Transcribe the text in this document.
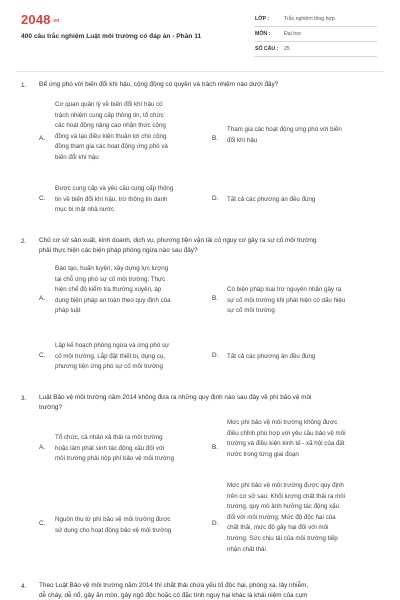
2048.vn
400 câu trắc nghiệm Luật môi trường có đáp án - Phần 11
LỚP :	Trắc nghiệm tổng hợp
MÔN :	Đại học
SỐ CÂU : 25
1. Để ứng phó với biến đổi khí hậu, cộng đồng có quyền và trách nhiệm nào dưới đây?
A.
Cơ quan quản lý về biến đổi khí hậu có
trách nhiệm cung cấp thông tin, tổ chức
các hoạt động nâng cao nhận thức cộng
đồng và tạo điều kiện thuận lợi cho cộng
đồng tham gia các hoạt động ứng phó và
biến đổi khí hậu
B.
Tham gia các hoạt động ứng phó với biến
đổi khí hậu
C.
Được cung cấp và yêu cầu cung cấp thông
tin về biến đổi khí hậu, trừ thông tin danh
mục bí mật nhà nước
D. Tất cả các phương án đều đúng
2. Chủ cơ sở sản xuất, kinh doanh, dịch vụ, phương tiện vận tải có nguy cơ gây ra sự cố môi trường
phải thực hiện các biện pháp phòng ngừa nào sau đây?
A.
Đào tạo, huấn luyện, xây dựng lực lượng
tại chỗ ứng phó sự cố môi trường; Thực
hiện chế độ kiểm tra thường xuyên, áp
dụng biện pháp an toàn theo quy định của
pháp luật
B.
Có biện pháp loại trừ nguyên nhân gây ra
sự cố môi trường khi phát hiện có dấu hiệu
sự cố môi trường
C.
Lập kế hoạch phòng ngừa và ứng phó sự
cố môi trường; Lắp đặt thiết bị, dụng cụ,
phương tiện ứng phó sự cố môi trường
D. Tất cả các phương án đều đúng
3. Luật Bảo vệ môi trường năm 2014 không đưa ra những quy định nào sau đây về phí bảo vệ môi
trường?
A.
Tổ chức, cá nhân xả thải ra môi trường
hoặc làm phát sinh tác động xấu đối với
môi trường phải nộp phí bảo vệ môi trường
B.
Mức phí bảo vệ môi trường không được
điều chỉnh phù hợp với yêu cầu bảo vệ môi
trường và điều kiện kinh tế - xã hội của đất
nước trong từng giai đoạn
C.
Nguồn thu từ phí bảo vệ môi trường được
sử dụng cho hoạt động bảo vệ môi trường
D.
Mức phí bảo vệ môi trường được quy định
trên cơ sở sau: Khối lượng chất thải ra môi
trường, quy mô ảnh hưởng tác động xấu
đối với môi trường; Mức độ độc hại của
chất thải, mức độ gây hại đối với môi
trường; Sức chịu tải của môi trường tiếp
nhận chất thải
4. Theo Luật Bảo vệ môi trường năm 2014 thì chất thải chứa yếu tố độc hại, phóng xạ, lây nhiễm,
dễ cháy, dễ nổ, gây ăn mòn, gây ngộ độc hoặc có đặc tính nguy hại khác là khái niệm của cụm
